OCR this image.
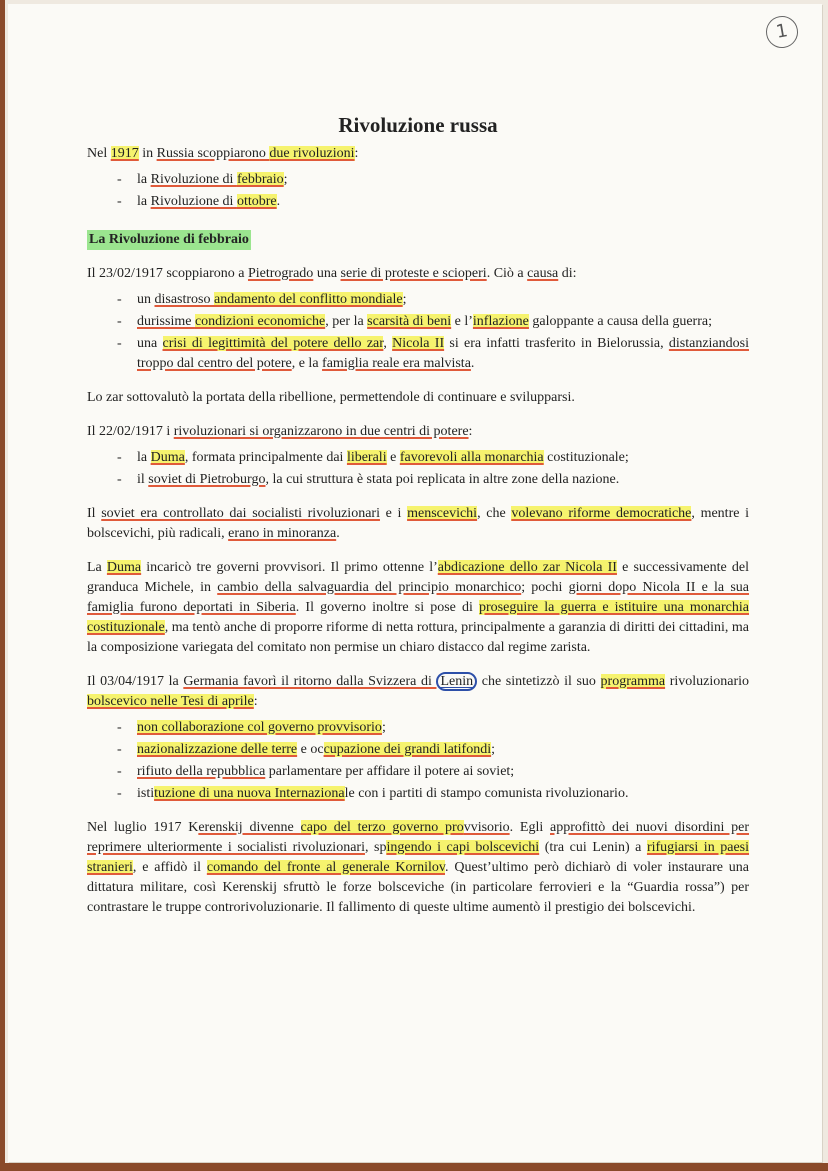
1
Rivoluzione russa

Nel 1917 in Russia scoppiarono due rivoluzioni:

- la Rivoluzione di febbraio;
- la Rivoluzione di ottobre.
La Rivoluzione di febbraio

Il 23/02/1917 scoppiarono a Pietrogrado una serie di proteste e scioperi. Ciò a causa di:

- un disastroso andamento del conflitto mondiale;
- durissime condizioni economiche, per la scarsità di beni e l’inflazione galoppante a causa della guerra;
- una crisi di legittimità del potere dello zar, Nicola II si era infatti trasferito in Bielorussia, distanziandosi troppo dal centro del potere, e la famiglia reale era malvista.

Lo zar sottovalutò la portata della ribellione, permettendole di continuare e svilupparsi.

Il 22/02/1917 i rivoluzionari si organizzarono in due centri di potere:

- la Duma, formata principalmente dai liberali e favorevoli alla monarchia costituzionale;
- il soviet di Pietroburgo, la cui struttura è stata poi replicata in altre zone della nazione.

Il soviet era controllato dai socialisti rivoluzionari e i menscevichi, che volevano riforme democratiche, mentre i bolscevichi, più radicali, erano in minoranza.

La Duma incaricò tre governi provvisori. Il primo ottenne l’abdicazione dello zar Nicola II e successivamente del granduca Michele, in cambio della salvaguardia del principio monarchico; pochi giorni dopo Nicola II e la sua famiglia furono deportati in Siberia. Il governo inoltre si pose di proseguire la guerra e istituire una monarchia costituzionale, ma tentò anche di proporre riforme di netta rottura, principalmente a garanzia di diritti dei cittadini, ma la composizione variegata del comitato non permise un chiaro distacco dal regime zarista.

Il 03/04/1917 la Germania favorì il ritorno dalla Svizzera di Lenin che sintetizzò il suo programma rivoluzionario bolscevico nelle Tesi di aprile:

- non collaborazione col governo provvisorio;
- nazionalizzazione delle terre e occupazione dei grandi latifondi;
- rifiuto della repubblica parlamentare per affidare il potere ai soviet;
- istituzione di una nuova Internazionale con i partiti di stampo comunista rivoluzionario.

Nel luglio 1917 Kerenskij divenne capo del terzo governo provvisorio. Egli approfittò dei nuovi disordini per reprimere ulteriormente i socialisti rivoluzionari, spingendo i capi bolscevichi (tra cui Lenin) a rifugiarsi in paesi stranieri, e affidò il comando del fronte al generale Kornilov. Quest’ultimo però dichiarò di voler instaurare una dittatura militare, così Kerenskij sfruttò le forze bolsceviche (in particolare ferrovieri e la “Guardia rossa”) per contrastare le truppe controrivoluzionarie. Il fallimento di queste ultime aumentò il prestigio dei bolscevichi.
